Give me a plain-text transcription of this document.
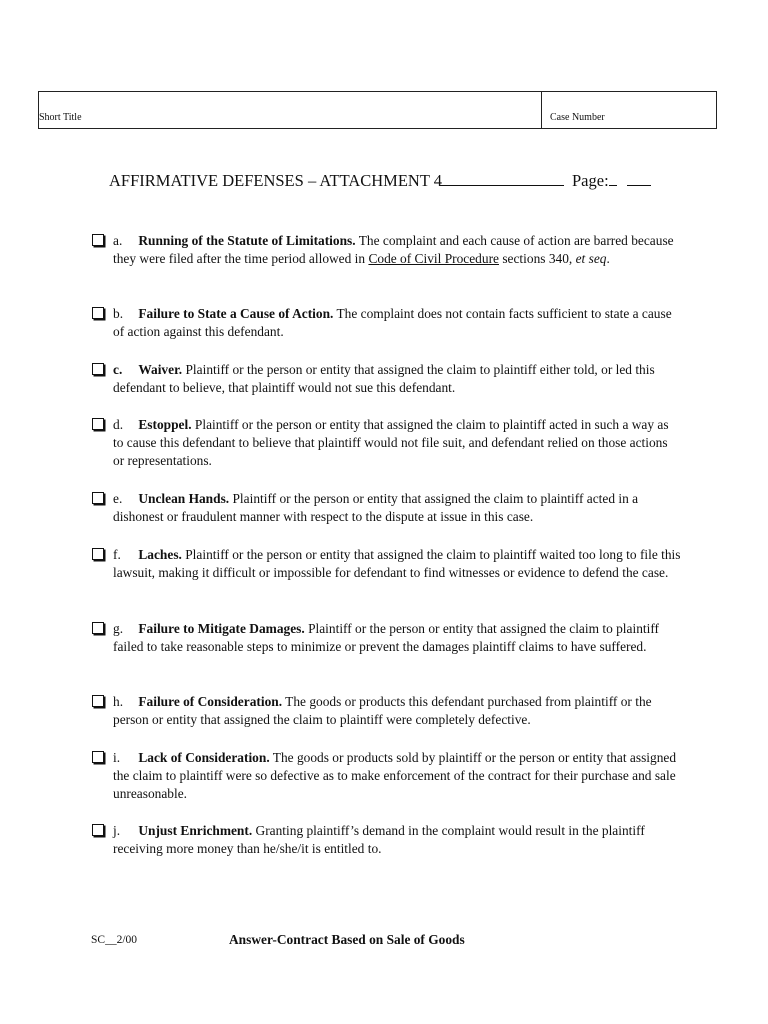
Short Title	Case Number
AFFIRMATIVE DEFENSES – ATTACHMENT 4	Page:
a. Running of the Statute of Limitations. The complaint and each cause of action are barred because they were filed after the time period allowed in Code of Civil Procedure sections 340, et seq.
b. Failure to State a Cause of Action. The complaint does not contain facts sufficient to state a cause of action against this defendant.
c. Waiver. Plaintiff or the person or entity that assigned the claim to plaintiff either told, or led this defendant to believe, that plaintiff would not sue this defendant.
d. Estoppel. Plaintiff or the person or entity that assigned the claim to plaintiff acted in such a way as to cause this defendant to believe that plaintiff would not file suit, and defendant relied on those actions or representations.
e. Unclean Hands. Plaintiff or the person or entity that assigned the claim to plaintiff acted in a dishonest or fraudulent manner with respect to the dispute at issue in this case.
f. Laches. Plaintiff or the person or entity that assigned the claim to plaintiff waited too long to file this lawsuit, making it difficult or impossible for defendant to find witnesses or evidence to defend the case.
g. Failure to Mitigate Damages. Plaintiff or the person or entity that assigned the claim to plaintiff failed to take reasonable steps to minimize or prevent the damages plaintiff claims to have suffered.
h. Failure of Consideration. The goods or products this defendant purchased from plaintiff or the person or entity that assigned the claim to plaintiff were completely defective.
i. Lack of Consideration. The goods or products sold by plaintiff or the person or entity that assigned the claim to plaintiff were so defective as to make enforcement of the contract for their purchase and sale unreasonable.
j. Unjust Enrichment. Granting plaintiff’s demand in the complaint would result in the plaintiff receiving more money than he/she/it is entitled to.
SC__2/00	Answer-Contract Based on Sale of Goods
